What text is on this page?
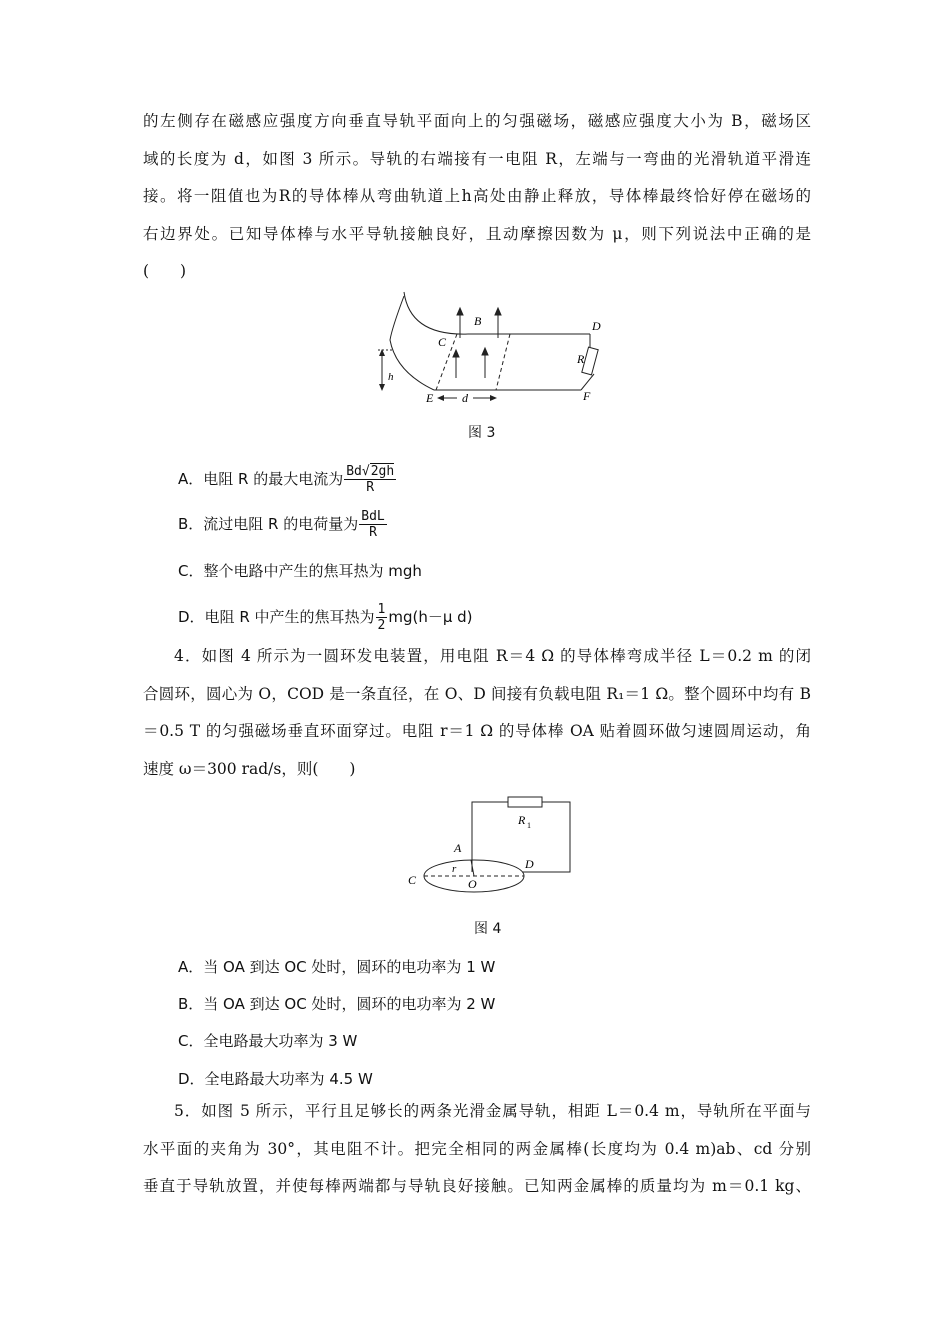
的左侧存在磁感应强度方向垂直导轨平面向上的匀强磁场，磁感应强度大小为 B，磁场区
域的长度为 d，如图 3 所示。导轨的右端接有一电阻 R，左端与一弯曲的光滑轨道平滑连
接。将一阻值也为R的导体棒从弯曲轨道上h高处由静止释放，导体棒最终恰好停在磁场的
右边界处。已知导体棒与水平导轨接触良好，且动摩擦因数为 μ，则下列说法中正确的是
(　　)
B
C
D
R
h
E d	F
图 3
A．电阻 R 的最大电流为 $\frac{Bd√2gh}{R}$
B．流过电阻 R 的电荷量为 $\frac{\text{BdL}}{R}$
C．整个电路中产生的焦耳热为 mgh
D．电阻 R 中产生的焦耳热为 $\frac{1}{2} mg(h-\mu$ d)
4．如图 4 所示为一圆环发电装置，用电阻 R＝4 Ω 的导体棒弯成半径 L＝0.2 m 的闭
合圆环，圆心为 O，COD 是一条直径，在 O、D 间接有负载电阻 R₁＝1 Ω。整个圆环中均有 B
＝0.5 T 的匀强磁场垂直环面穿过。电阻 r＝1 Ω 的导体棒 OA 贴着圆环做匀速圆周运动，角
速度 ω＝300 rad/s，则(　　)
R 1
A
r
C	O
D
图 4
A．当 OA 到达 OC 处时，圆环的电功率为 1 W
B．当 OA 到达 OC 处时，圆环的电功率为 2 W
C．全电路最大功率为 3 W
D．全电路最大功率为 4.5 W
5．如图 5 所示，平行且足够长的两条光滑金属导轨，相距 L＝0.4 m，导轨所在平面与
水平面的夹角为 30°，其电阻不计。把完全相同的两金属棒(长度均为 0.4 m)ab、cd 分别
垂直于导轨放置，并使每棒两端都与导轨良好接触。已知两金属棒的质量均为 m＝0.1 kg、
